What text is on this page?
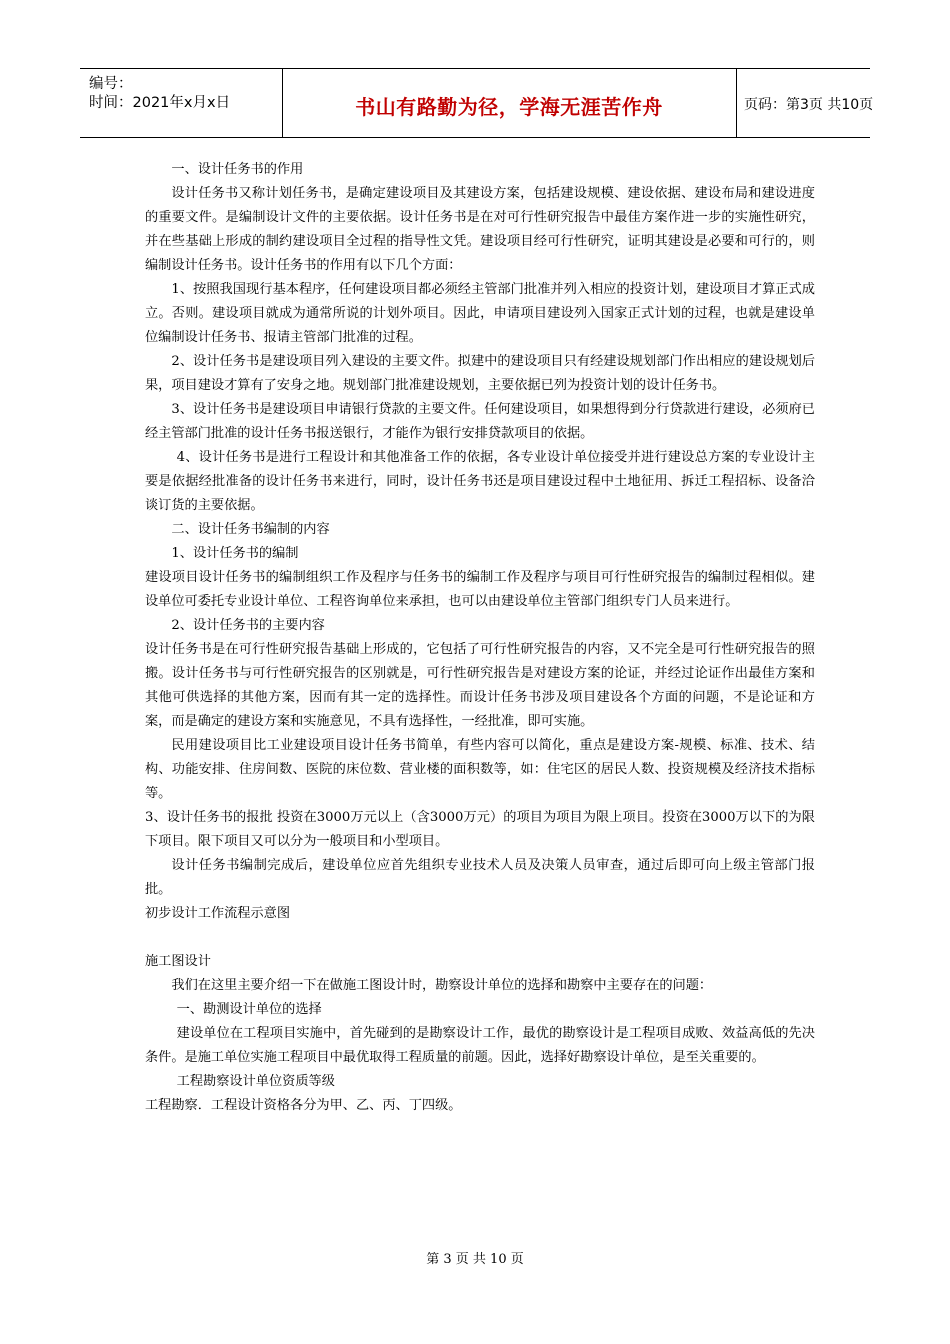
编号：
时间：2021年x月x日	书山有路勤为径，学海无涯苦作舟	页码：第3页 共10页

一、设计任务书的作用

设计任务书又称计划任务书，是确定建设项目及其建设方案，包括建设规模、建设依据、建设布局和建设进度的重要文件。是编制设计文件的主要依据。设计任务书是在对可行性研究报告中最佳方案作进一步的实施性研究，并在些基础上形成的制约建设项目全过程的指导性文凭。建设项目经可行性研究，证明其建设是必要和可行的，则编制设计任务书。设计任务书的作用有以下几个方面：

1、按照我国现行基本程序，任何建设项目都必须经主管部门批准并列入相应的投资计划，建设项目才算正式成立。否则。建设项目就成为通常所说的计划外项目。因此，申请项目建设列入国家正式计划的过程，也就是建设单位编制设计任务书、报请主管部门批准的过程。

2、设计任务书是建设项目列入建设的主要文件。拟建中的建设项目只有经建设规划部门作出相应的建设规划后果，项目建设才算有了安身之地。规划部门批准建设规划，主要依据已列为投资计划的设计任务书。

3、设计任务书是建设项目申请银行贷款的主要文件。任何建设项目，如果想得到分行贷款进行建设，必须府已经主管部门批准的设计任务书报送银行，才能作为银行安排贷款项目的依据。

4、设计任务书是进行工程设计和其他准备工作的依据，各专业设计单位接受并进行建设总方案的专业设计主要是依据经批准备的设计任务书来进行，同时，设计任务书还是项目建设过程中土地征用、拆迁工程招标、设备洽谈订货的主要依据。

二、设计任务书编制的内容

1、设计任务书的编制

建设项目设计任务书的编制组织工作及程序与任务书的编制工作及程序与项目可行性研究报告的编制过程相似。建设单位可委托专业设计单位、工程咨询单位来承担，也可以由建设单位主管部门组织专门人员来进行。

2、设计任务书的主要内容

设计任务书是在可行性研究报告基础上形成的，它包括了可行性研究报告的内容，又不完全是可行性研究报告的照搬。设计任务书与可行性研究报告的区别就是，可行性研究报告是对建设方案的论证，并经过论证作出最佳方案和其他可供选择的其他方案，因而有其一定的选择性。而设计任务书涉及项目建设各个方面的问题，不是论证和方案，而是确定的建设方案和实施意见，不具有选择性，一经批准，即可实施。

民用建设项目比工业建设项目设计任务书简单，有些内容可以简化，重点是建设方案-规模、标准、技术、结构、功能安排、住房间数、医院的床位数、营业楼的面积数等，如：住宅区的居民人数、投资规模及经济技术指标等。

3、设计任务书的报批 投资在3000万元以上（含3000万元）的项目为项目为限上项目。投资在3000万以下的为限下项目。限下项目又可以分为一般项目和小型项目。

设计任务书编制完成后，建设单位应首先组织专业技术人员及决策人员审查，通过后即可向上级主管部门报批。

初步设计工作流程示意图

施工图设计

我们在这里主要介绍一下在做施工图设计时，勘察设计单位的选择和勘察中主要存在的问题：

一、勘测设计单位的选择

建设单位在工程项目实施中，首先碰到的是勘察设计工作，最优的勘察设计是工程项目成败、效益高低的先决条件。是施工单位实施工程项目中最优取得工程质量的前题。因此，选择好勘察设计单位，是至关重要的。

工程勘察设计单位资质等级

工程勘察．工程设计资格各分为甲、乙、丙、丁四级。

第 3 页 共 10 页
